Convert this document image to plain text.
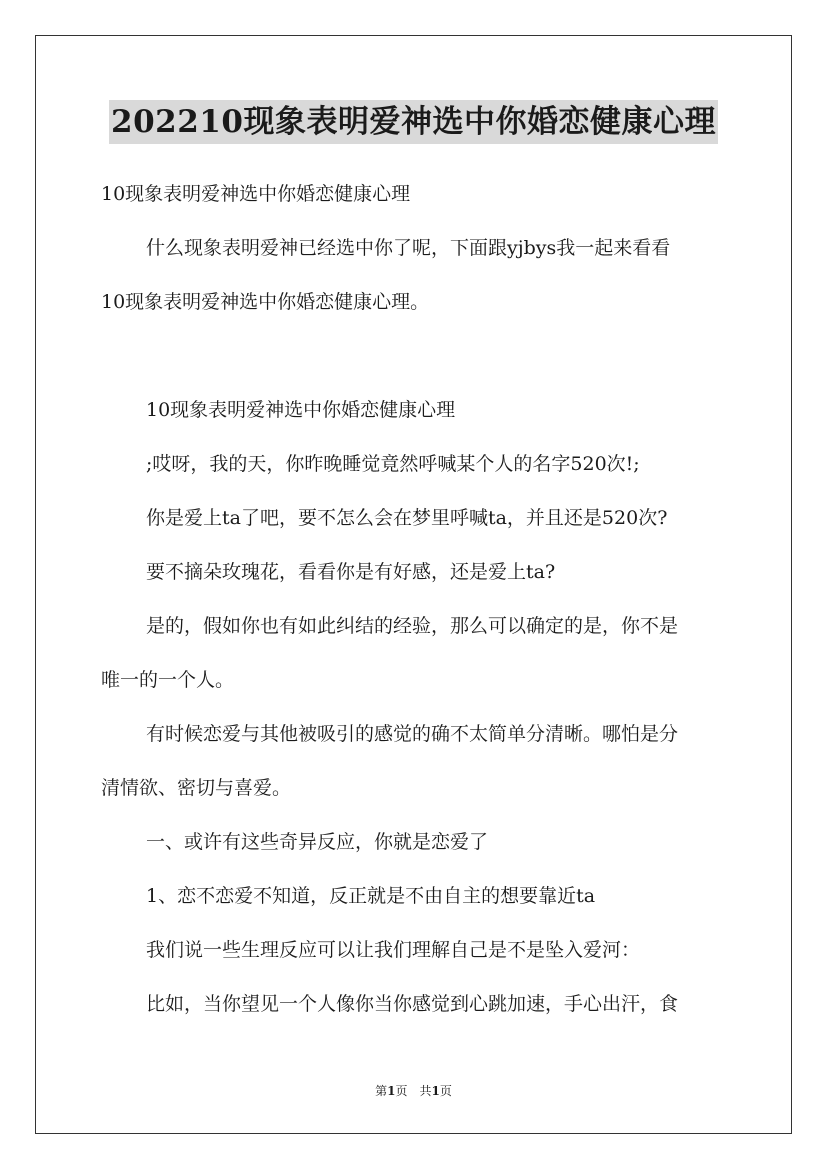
202210现象表明爱神选中你婚恋健康心理
10现象表明爱神选中你婚恋健康心理
什么现象表明爱神已经选中你了呢，下面跟yjbys我一起来看看
10现象表明爱神选中你婚恋健康心理。
10现象表明爱神选中你婚恋健康心理
;哎呀，我的天，你昨晚睡觉竟然呼喊某个人的名字520次!;
你是爱上ta了吧，要不怎么会在梦里呼喊ta，并且还是520次?
要不摘朵玫瑰花，看看你是有好感，还是爱上ta?
是的，假如你也有如此纠结的经验，那么可以确定的是，你不是
唯一的一个人。
有时候恋爱与其他被吸引的感觉的确不太简单分清晰。哪怕是分
清情欲、密切与喜爱。
一、或许有这些奇异反应，你就是恋爱了
1、恋不恋爱不知道，反正就是不由自主的想要靠近ta
我们说一些生理反应可以让我们理解自己是不是坠入爱河：
比如，当你望见一个人像你当你感觉到心跳加速，手心出汗，食
第1页　共1页
